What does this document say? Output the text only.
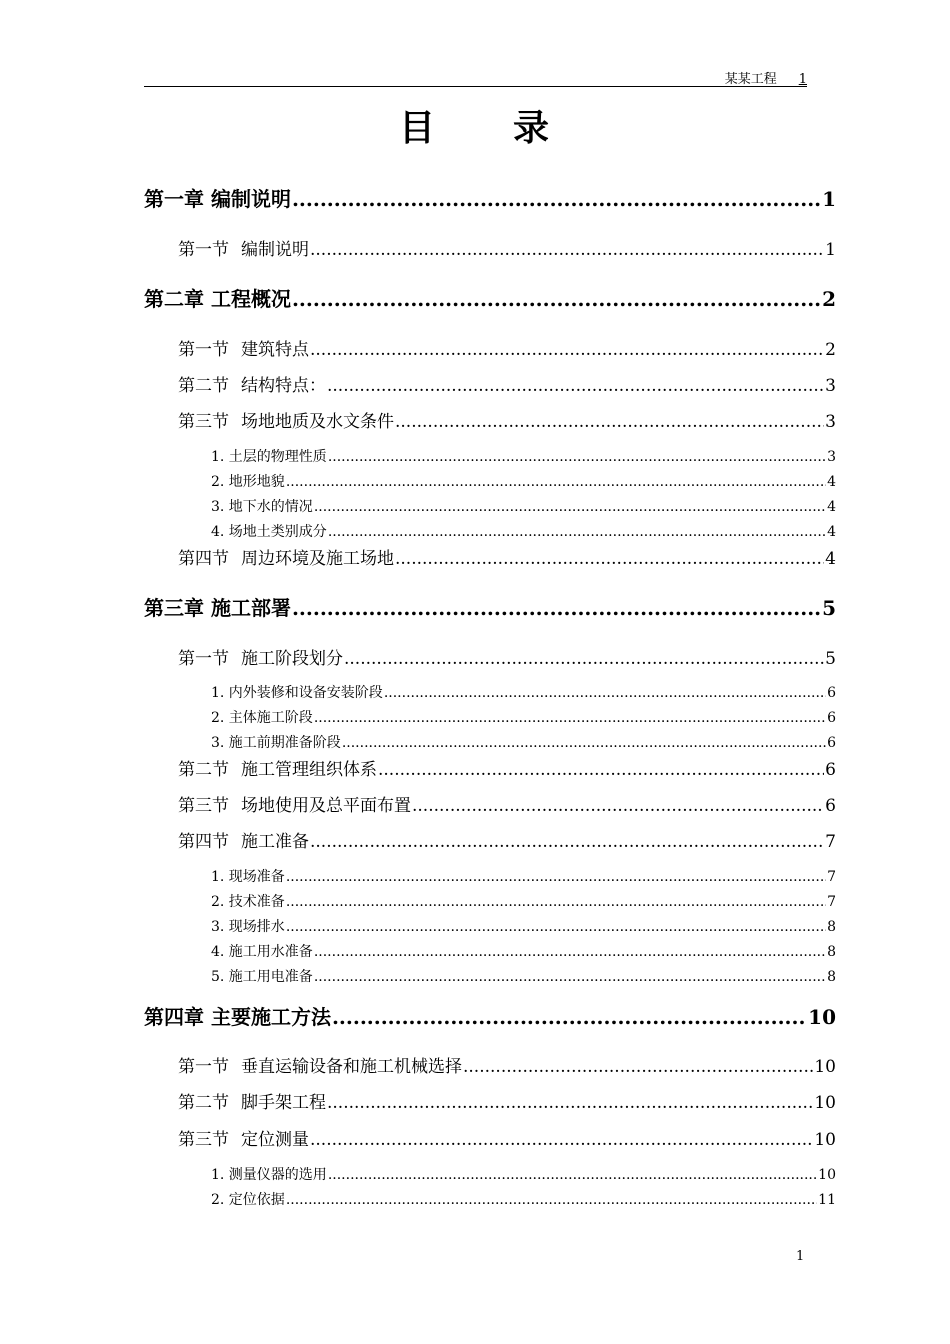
某某工程 1
目 录
第一章 编制说明 .....	1
第一节 编制说明 .....	1
第二章 工程概况 .....	2
第一节 建筑特点 .....	2
第二节 结构特点： .....	3
第三节 场地地质及水文条件 .....	3
1. 土层的物理性质 .....	3
2. 地形地貌 .....	4
3. 地下水的情况 .....	4
4. 场地土类别成分 .....	4
第四节 周边环境及施工场地 .....	4
第三章 施工部署 .....	5
第一节 施工阶段划分 .....	5
1. 内外装修和设备安装阶段 .....	6
2. 主体施工阶段 .....	6
3. 施工前期准备阶段 .....	6
第二节 施工管理组织体系 .....	6
第三节 场地使用及总平面布置 .....	6
第四节 施工准备 .....	7
1. 现场准备 .....	7
2. 技术准备 .....	7
3. 现场排水 .....	8
4. 施工用水准备 .....	8
5. 施工用电准备 .....	8
第四章 主要施工方法 .....	10
第一节 垂直运输设备和施工机械选择 .....	10
第二节 脚手架工程 .....	10
第三节 定位测量 .....	10
1. 测量仪器的选用 .....	10
2. 定位依据 .....	11
1
